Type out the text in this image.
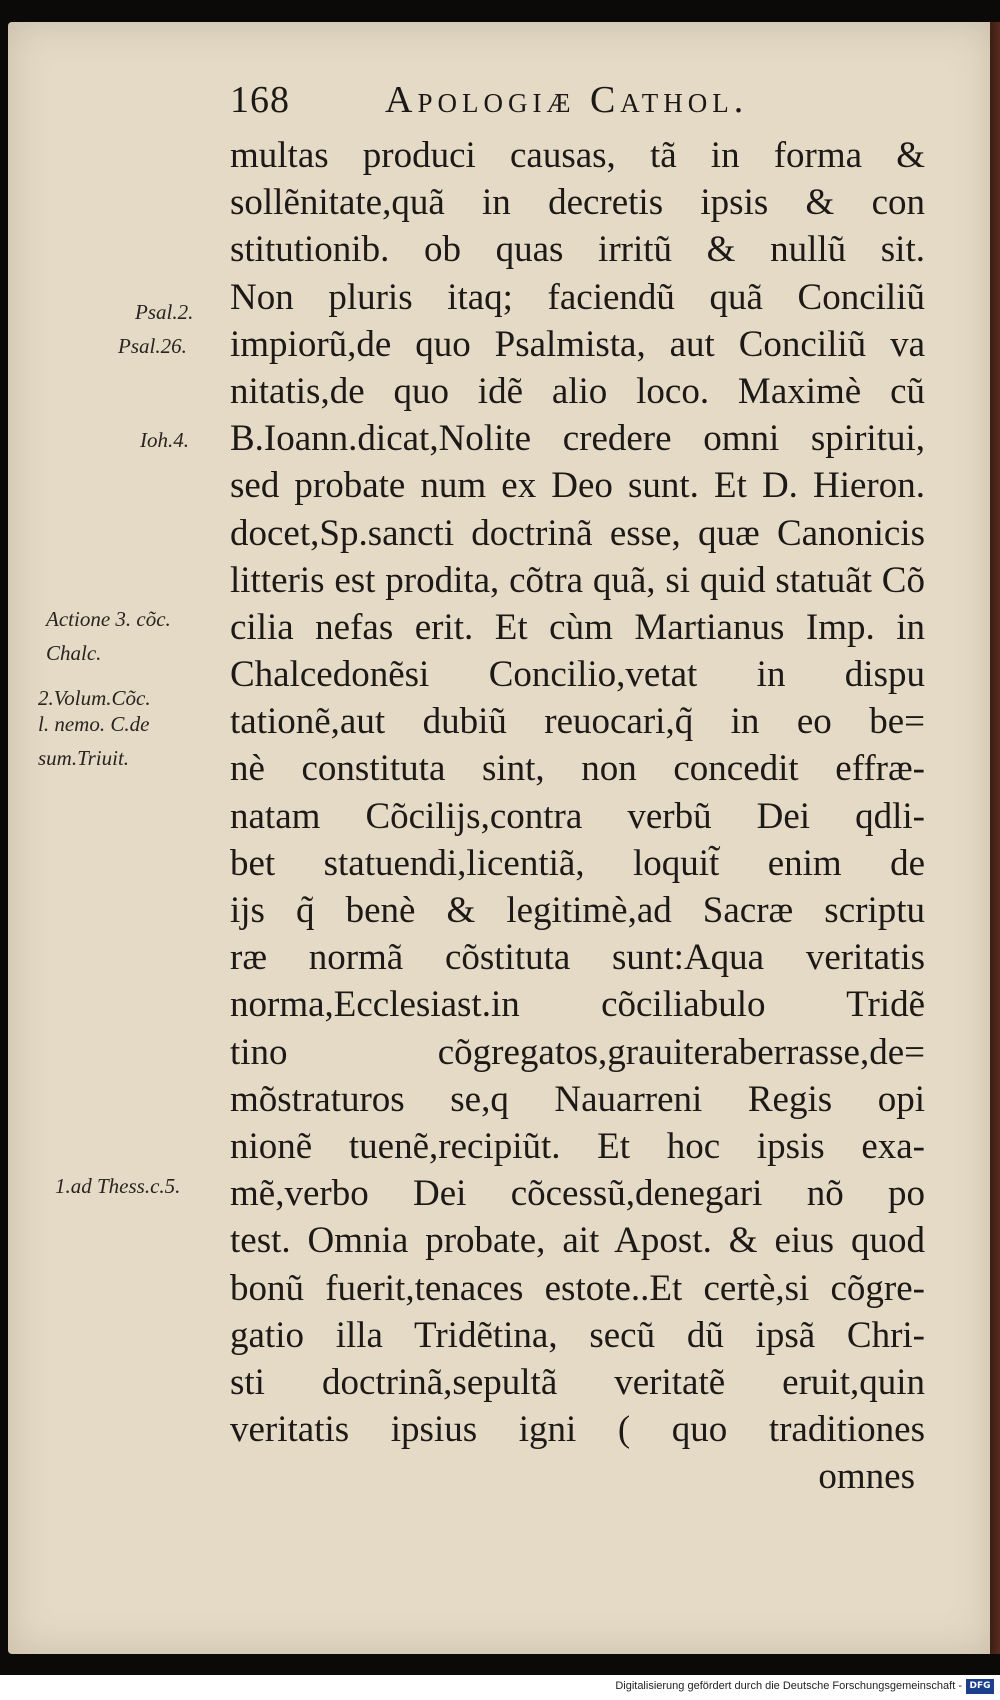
168	Apologiæ Cathol.
multas produci causas, tã in forma &
sollẽnitate,quã in decretis ipsis & con
stitutionib. ob quas irritũ & nullũ sit.
Non pluris itaq; faciendũ quã Conciliũ
impiorũ,de quo Psalmista, aut Conciliũ va
nitatis,de quo idẽ alio loco. Maximè cũ
B.Ioann.dicat,Nolite credere omni spiritui,
sed probate num ex Deo sunt. Et D. Hieron.
docet,Sp.sancti doctrinã esse, quæ Canonicis
litteris est prodita, cõtra quã, si quid statuãt Cõ
cilia nefas erit. Et cùm Martianus Imp. in
Chalcedonẽsi Concilio,vetat in dispu
tationẽ,aut dubiũ reuocari,q̃ in eo be=
nè constituta sint, non concedit effræ-
natam Cõcilijs,contra verbũ Dei qdli-
bet statuendi,licentiã, loquit̃ enim de
ijs q̃ benè & legitimè,ad Sacræ scriptu
ræ normã cõstituta sunt:Aqua veritatis
norma,Ecclesiast.in cõciliabulo Tridẽ
tino cõgregatos,grauiteraberrasse,de=
mõstraturos se,q Nauarreni Regis opi
nionẽ tuenẽ,recipiũt. Et hoc ipsis exa-
mẽ,verbo Dei cõcessũ,denegari nõ po
test. Omnia probate, ait Apost. & eius quod
bonũ fuerit,tenaces estote..Et certè,si cõgre-
gatio illa Tridẽtina, secũ dũ ipsã Chri-
sti doctrinã,sepultã veritatẽ eruit,quin
veritatis ipsius igni ( quo traditiones
omnes
Psal.2.
Psal.26.
Ioh.4.
Actione 3. cõc.
Chalc.
2.Volum.Cõc.
l. nemo. C.de
sum.Triuit.
1.ad Thess.c.5.
Digitalisierung gefördert durch die Deutsche Forschungsgemeinschaft - DFG
